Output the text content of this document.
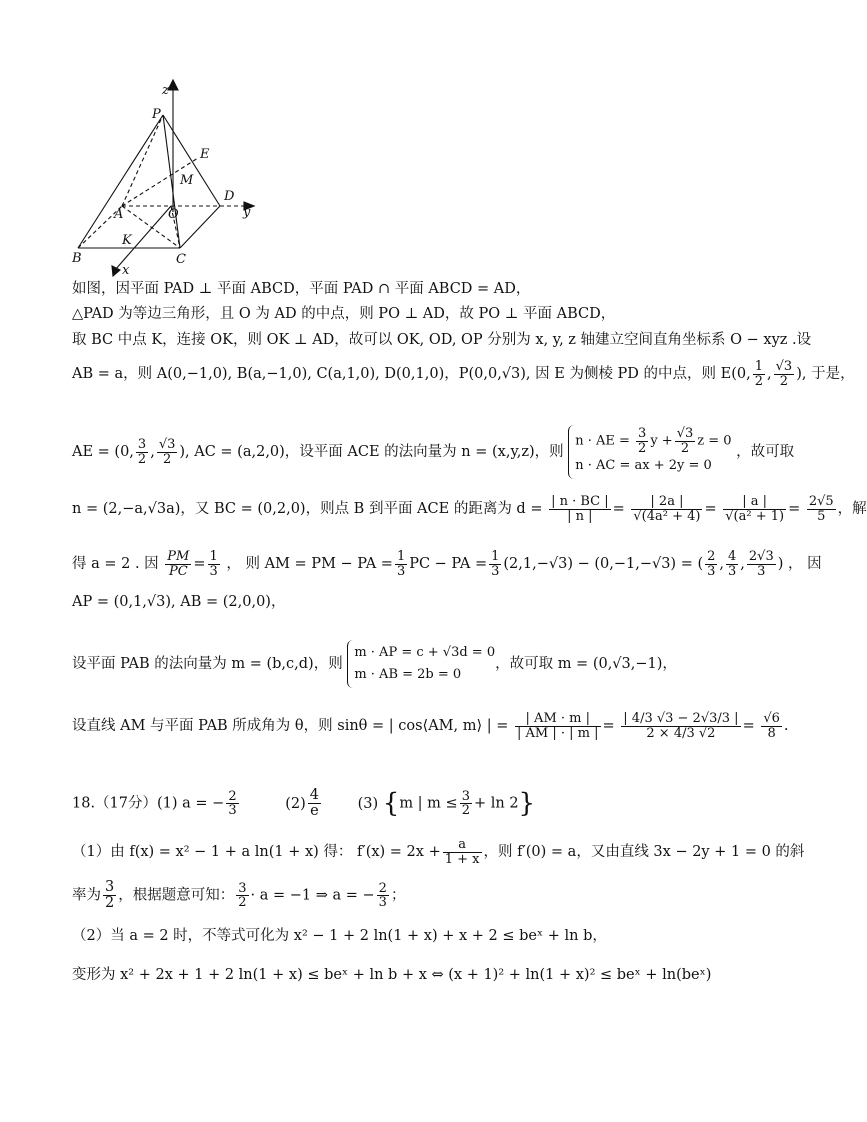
z
P
E
M
A	O
D
y
B
K
C
x
如图，因平面 PAD ⊥ 平面 ABCD，平面 PAD ∩ 平面 ABCD = AD，
△PAD 为等边三角形，且 O 为 AD 的中点，则 PO ⊥ AD，故 PO ⊥ 平面 ABCD，
取 BC 中点 K，连接 OK，则 OK ⊥ AD，故可以 OK, OD, OP 分别为 x, y, z 轴建立空间直角坐标系 O − xyz .设
AB = a，则 A(0,−1,0), B(a,−1,0), C(a,1,0), D(0,1,0)，P(0,0,√3), 因 E 为侧棱 PD 的中点，则 E(0, $\frac{1}{2}$ , $\frac{√3}{2}$ ), 于是，
AE = (0, $\frac{3}{2}$ , $\frac{√3}{2}$ ), AC = (a,2,0)，设平面 ACE 的法向量为 n = (x,y,z)，则
n · AE = $\frac{3}{2}$ $y + \frac{√3}{2}$ z = 0
n · AC = ax + 2y = 0
，故可取
n = (2,−a,√3a)，又 BC = (0,2,0)，则点 B 到平面 ACE 的距离为 $d = \frac{| n \cdot BC |}{| n |} = \frac{| 2a |}{\text{√(4a² + 4)}} = \frac{| a |}{\text{√(a² + 1)}} = \frac{2√5}{5}$ ，解
得 a = 2 . 因 $\frac{PM}{PC} = \frac{1}{3}$ ， 则 AM = PM − PA = $\frac{1}{3}$ PC − PA = $\frac{1}{3} (2,1,-√3) - (0,-1,-√3)$ = ( $\frac{2}{3}$ , $\frac{4}{3}$ , $\frac{2√3}{3}$ ) ， 因
AP = (0,1,√3), AB = (2,0,0)，
设平面 PAB 的法向量为 m = (b,c,d)，则
m · AP = c + √3d = 0
m · AB = 2b = 0
，故可取 m = (0,√3,−1)，
设直线 AM 与平面 PAB 所成角为 θ，则 sinθ = | cos⟨AM, m⟩ | = $\frac{| AM \cdot m |}{| AM | \cdot | m |} = \frac{| 4/3 √3 - 2√3/3 |}{2 \times 4/3 √2} = \frac{√6}{8}$ .
18.（17分）(1) a = − $\frac{2}{3}$	$(2) \frac{4}{e}$	(3) {m | $m \le \frac{3}{2} + \ln 2$}
（1）由 f(x) = x² − 1 + a ln(1 + x) 得： $f'(x) = 2x + \frac{a}{1 + x}$ ，则 f′(0) = a，又由直线 3x − 2y + 1 = 0 的斜
率为 $\frac{3}{2}$ ，根据题意可知： $\frac{3}{2} \cdot a = -1$ ⇒ a = − $\frac{2}{3}$ ；
（2）当 a = 2 时，不等式可化为 x² − 1 + 2 ln(1 + x) + x + 2 ≤ beˣ + ln b，
变形为 x² + 2x + 1 + 2 ln(1 + x) ≤ beˣ + ln b + x ⇔ (x + 1)² + ln(1 + x)² ≤ beˣ + ln(beˣ)
